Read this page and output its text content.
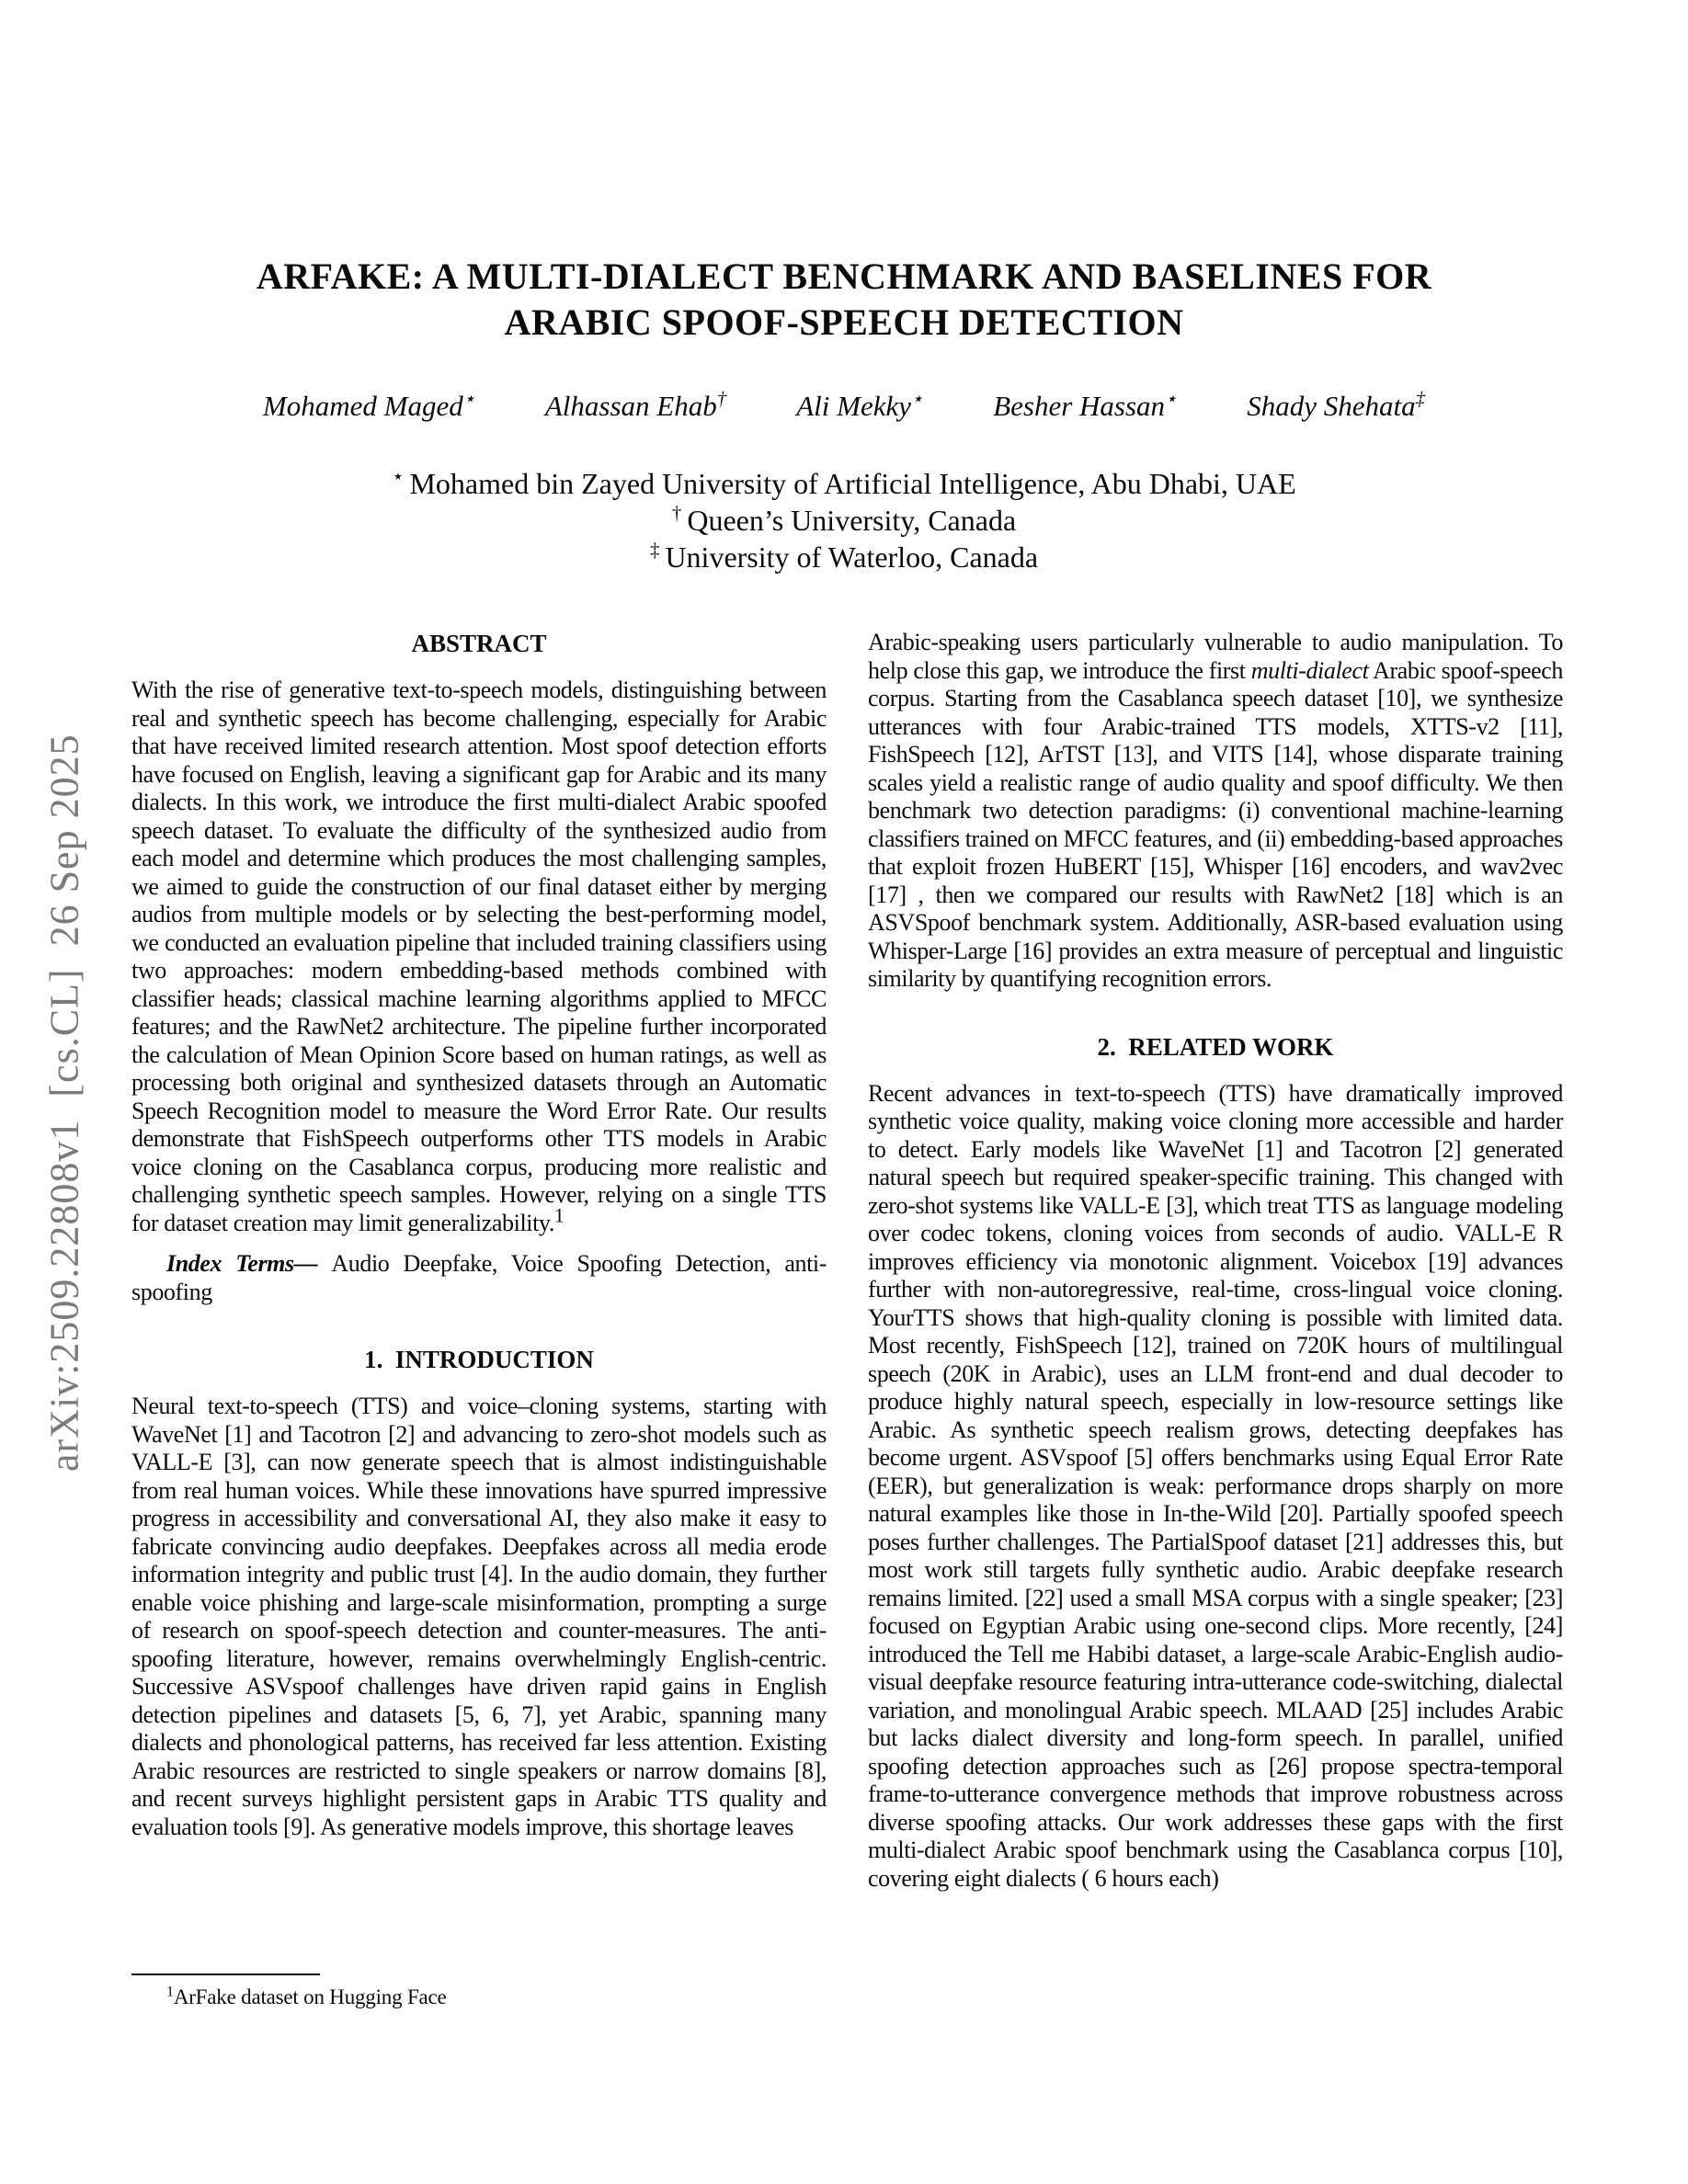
arXiv:2509.22808v1  [cs.CL]  26 Sep 2025
ARFAKE: A MULTI-DIALECT BENCHMARK AND BASELINES FOR ARABIC SPOOF-SPEECH DETECTION
Mohamed Maged⋆ Alhassan Ehab† Ali Mekky⋆ Besher Hassan⋆ Shady Shehata‡
⋆ Mohamed bin Zayed University of Artificial Intelligence, Abu Dhabi, UAE
† Queen’s University, Canada
‡ University of Waterloo, Canada
ABSTRACT

With the rise of generative text-to-speech models, distinguishing between real and synthetic speech has become challenging, especially for Arabic that have received limited research attention. Most spoof detection efforts have focused on English, leaving a significant gap for Arabic and its many dialects. In this work, we introduce the first multi-dialect Arabic spoofed speech dataset. To evaluate the difficulty of the synthesized audio from each model and determine which produces the most challenging samples, we aimed to guide the construction of our final dataset either by merging audios from multiple models or by selecting the best-performing model, we conducted an evaluation pipeline that included training classifiers using two approaches: modern embedding-based methods combined with classifier heads; classical machine learning algorithms applied to MFCC features; and the RawNet2 architecture. The pipeline further incorporated the calculation of Mean Opinion Score based on human ratings, as well as processing both original and synthesized datasets through an Automatic Speech Recognition model to measure the Word Error Rate. Our results demonstrate that FishSpeech outperforms other TTS models in Arabic voice cloning on the Casablanca corpus, producing more realistic and challenging synthetic speech samples. However, relying on a single TTS for dataset creation may limit generalizability.$^1$

Index Terms— Audio Deepfake, Voice Spoofing Detection, anti-spoofing

1.  INTRODUCTION

Neural text-to-speech (TTS) and voice–cloning systems, starting with WaveNet [1] and Tacotron [2] and advancing to zero-shot models such as VALL-E [3], can now generate speech that is almost indistinguishable from real human voices. While these innovations have spurred impressive progress in accessibility and conversational AI, they also make it easy to fabricate convincing audio deepfakes. Deepfakes across all media erode information integrity and public trust [4]. In the audio domain, they further enable voice phishing and large-scale misinformation, prompting a surge of research on spoof-speech detection and counter-measures. The anti-spoofing literature, however, remains overwhelmingly English-centric. Successive ASVspoof challenges have driven rapid gains in English detection pipelines and datasets [5, 6, 7], yet Arabic, spanning many dialects and phonological patterns, has received far less attention. Existing Arabic resources are restricted to single speakers or narrow domains [8], and recent surveys highlight persistent gaps in Arabic TTS quality and evaluation tools [9]. As generative models improve, this shortage leaves

$^1$ArFake dataset on Hugging Face

Arabic-speaking users particularly vulnerable to audio manipulation. To help close this gap, we introduce the first multi-dialect Arabic spoof-speech corpus. Starting from the Casablanca speech dataset [10], we synthesize utterances with four Arabic-trained TTS models, XTTS-v2 [11], FishSpeech [12], ArTST [13], and VITS [14], whose disparate training scales yield a realistic range of audio quality and spoof difficulty. We then benchmark two detection paradigms: (i) conventional machine-learning classifiers trained on MFCC features, and (ii) embedding-based approaches that exploit frozen HuBERT [15], Whisper [16] encoders, and wav2vec [17] , then we compared our results with RawNet2 [18] which is an ASVSpoof benchmark system. Additionally, ASR-based evaluation using Whisper-Large [16] provides an extra measure of perceptual and linguistic similarity by quantifying recognition errors.

2.  RELATED WORK

Recent advances in text-to-speech (TTS) have dramatically improved synthetic voice quality, making voice cloning more accessible and harder to detect. Early models like WaveNet [1] and Tacotron [2] generated natural speech but required speaker-specific training. This changed with zero-shot systems like VALL-E [3], which treat TTS as language modeling over codec tokens, cloning voices from seconds of audio. VALL-E R improves efficiency via monotonic alignment. Voicebox [19] advances further with non-autoregressive, real-time, cross-lingual voice cloning. YourTTS shows that high-quality cloning is possible with limited data. Most recently, FishSpeech [12], trained on 720K hours of multilingual speech (20K in Arabic), uses an LLM front-end and dual decoder to produce highly natural speech, especially in low-resource settings like Arabic. As synthetic speech realism grows, detecting deepfakes has become urgent. ASVspoof [5] offers benchmarks using Equal Error Rate (EER), but generalization is weak: performance drops sharply on more natural examples like those in In-the-Wild [20]. Partially spoofed speech poses further challenges. The PartialSpoof dataset [21] addresses this, but most work still targets fully synthetic audio. Arabic deepfake research remains limited. [22] used a small MSA corpus with a single speaker; [23] focused on Egyptian Arabic using one-second clips. More recently, [24] introduced the Tell me Habibi dataset, a large-scale Arabic-English audio-visual deepfake resource featuring intra-utterance code-switching, dialectal variation, and monolingual Arabic speech. MLAAD [25] includes Arabic but lacks dialect diversity and long-form speech. In parallel, unified spoofing detection approaches such as [26] propose spectra-temporal frame-to-utterance convergence methods that improve robustness across diverse spoofing attacks. Our work addresses these gaps with the first multi-dialect Arabic spoof benchmark using the Casablanca corpus [10], covering eight dialects ( 6 hours each)
